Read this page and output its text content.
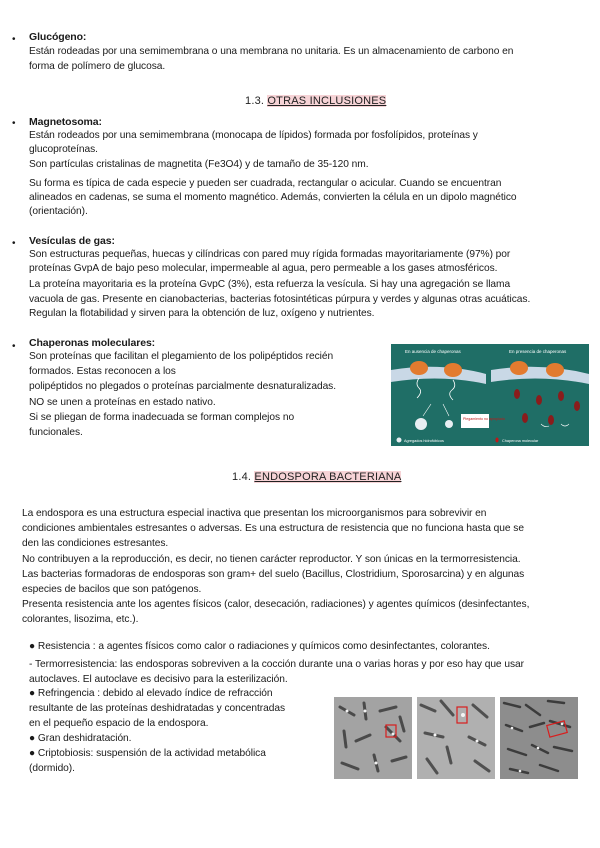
• Glucógeno:

Están rodeadas por una semimembrana o una membrana no unitaria. Es un almacenamiento de carbono en

forma de polímero de glucosa.

1.3. OTRAS INCLUSIONES
• Magnetosoma:

Están rodeados por una semimembrana (monocapa de lípidos) formada por fosfolípidos, proteínas y

glucoproteínas.

Son partículas cristalinas de magnetita (Fe3O4) y de tamaño de 35-120 nm.

Su forma es típica de cada especie y pueden ser cuadrada, rectangular o acicular. Cuando se encuentran

alineados en cadenas, se suma el momento magnético. Además, convierten la célula en un dipolo magnético

(orientación).

• Vesículas de gas:

Son estructuras pequeñas, huecas y cilíndricas con pared muy rígida formadas mayoritariamente (97%) por

proteínas GvpA de bajo peso molecular, impermeable al agua, pero permeable a los gases atmosféricos.

La proteína mayoritaria es la proteína GvpC (3%), esta refuerza la vesícula. Si hay una agregación se llama

vacuola de gas. Presente en cianobacterias, bacterias fotosintéticas púrpura y verdes y algunas otras acuáticas.

Regulan la flotabilidad y sirven para la obtención de luz, oxígeno y nutrientes.

• Chaperonas moleculares:

Son proteínas que facilitan el plegamiento de los polipéptidos recién

formados. Estas reconocen a los

polipéptidos no plegados o proteínas parcialmente desnaturalizadas.

NO se unen a proteínas en estado nativo.

Si se pliegan de forma inadecuada se forman complejos no

funcionales.

En ausencia de chaperonas	En presencia de chaperonas
Plegamiento no apropiado
Agregados hidrofóbicos	Chaperona molecular
1.4. ENDOSPORA BACTERIANA

La endospora es una estructura especial inactiva que presentan los microorganismos para sobrevivir en

condiciones ambientales estresantes o adversas. Es una estructura de resistencia que no funciona hasta que se

den las condiciones estresantes.

No contribuyen a la reproducción, es decir, no tienen carácter reproductor. Y son únicas en la termorresistencia.

Las bacterias formadoras de endosporas son gram+ del suelo (Bacillus, Clostridium, Sporosarcina) y en algunas

especies de bacilos que son patógenos.

Presenta resistencia ante los agentes físicos (calor, desecación, radiaciones) y agentes químicos (desinfectantes,

colorantes, lisozima, etc.).

● Resistencia : a agentes físicos como calor o radiaciones y químicos como desinfectantes, colorantes.

- Termorresistencia: las endosporas sobreviven a la cocción durante una o varias horas y por eso hay que usar

autoclaves. El autoclave es decisivo para la esterilización.

● Refringencia : debido al elevado índice de refracción

resultante de las proteínas deshidratadas y concentradas

en el pequeño espacio de la endospora.

● Gran deshidratación.

● Criptobiosis: suspensión de la actividad metabólica

(dormido).
